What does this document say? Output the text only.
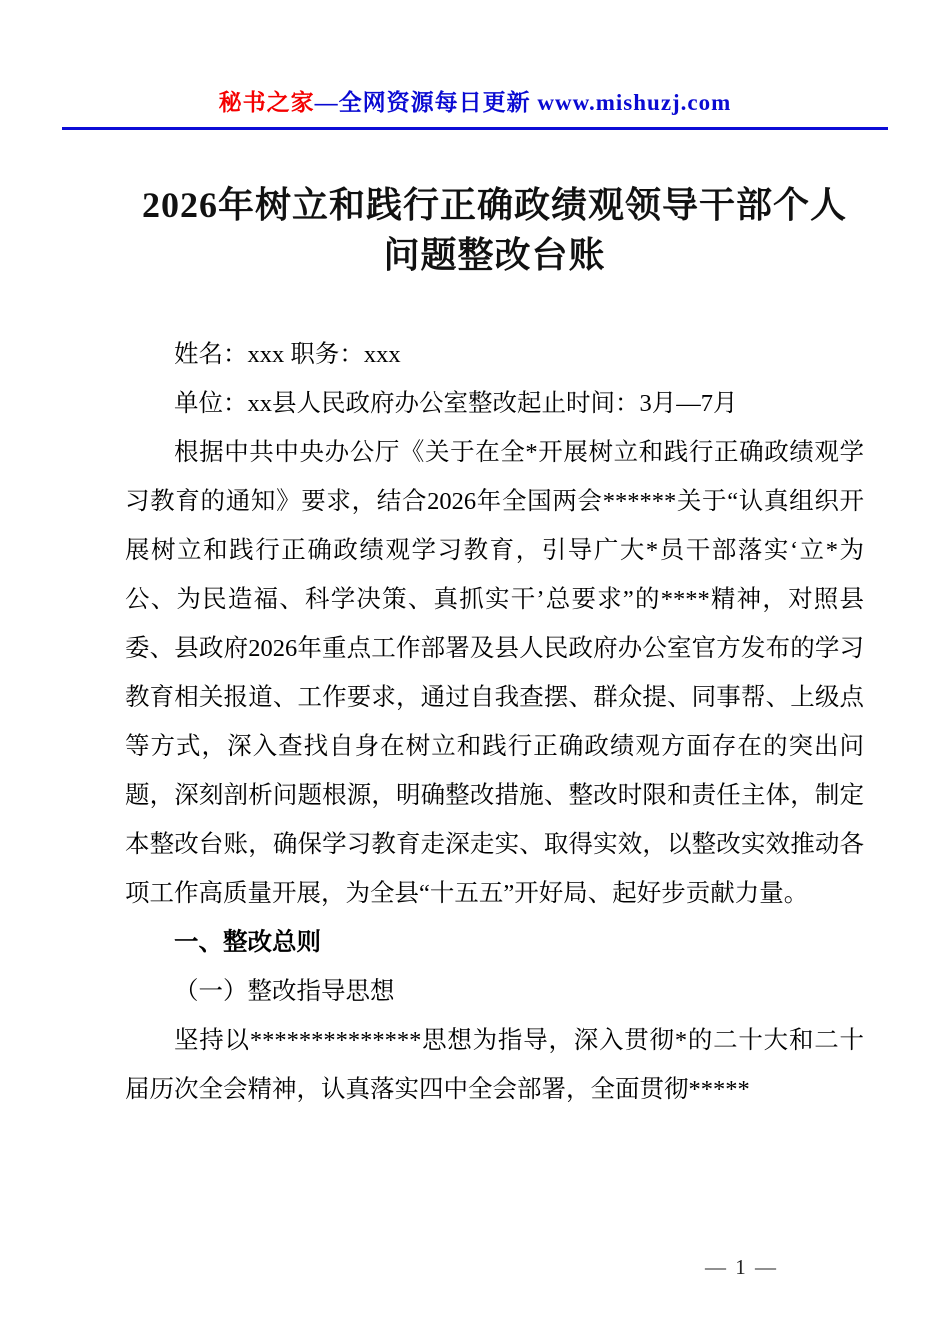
秘书之家—全网资源每日更新 www.mishuzj.com
2026年树立和践行正确政绩观领导干部个人
问题整改台账

姓名：xxx 职务：xxx

单位：xx县人民政府办公室整改起止时间：3月—7月

根据中共中央办公厅《关于在全*开展树立和践行正确政绩观学习教育的通知》要求，结合2026年全国两会******关于“认真组织开展树立和践行正确政绩观学习教育，引导广大*员干部落实‘立*为公、为民造福、科学决策、真抓实干’总要求”的****精神，对照县委、县政府2026年重点工作部署及县人民政府办公室官方发布的学习教育相关报道、工作要求，通过自我查摆、群众提、同事帮、上级点等方式，深入查找自身在树立和践行正确政绩观方面存在的突出问题，深刻剖析问题根源，明确整改措施、整改时限和责任主体，制定本整改台账，确保学习教育走深走实、取得实效，以整改实效推动各项工作高质量开展，为全县“十五五”开好局、起好步贡献力量。

一、整改总则

（一）整改指导思想

坚持以**************思想为指导，深入贯彻*的二十大和二十届历次全会精神，认真落实四中全会部署，全面贯彻*****

— 1 —
